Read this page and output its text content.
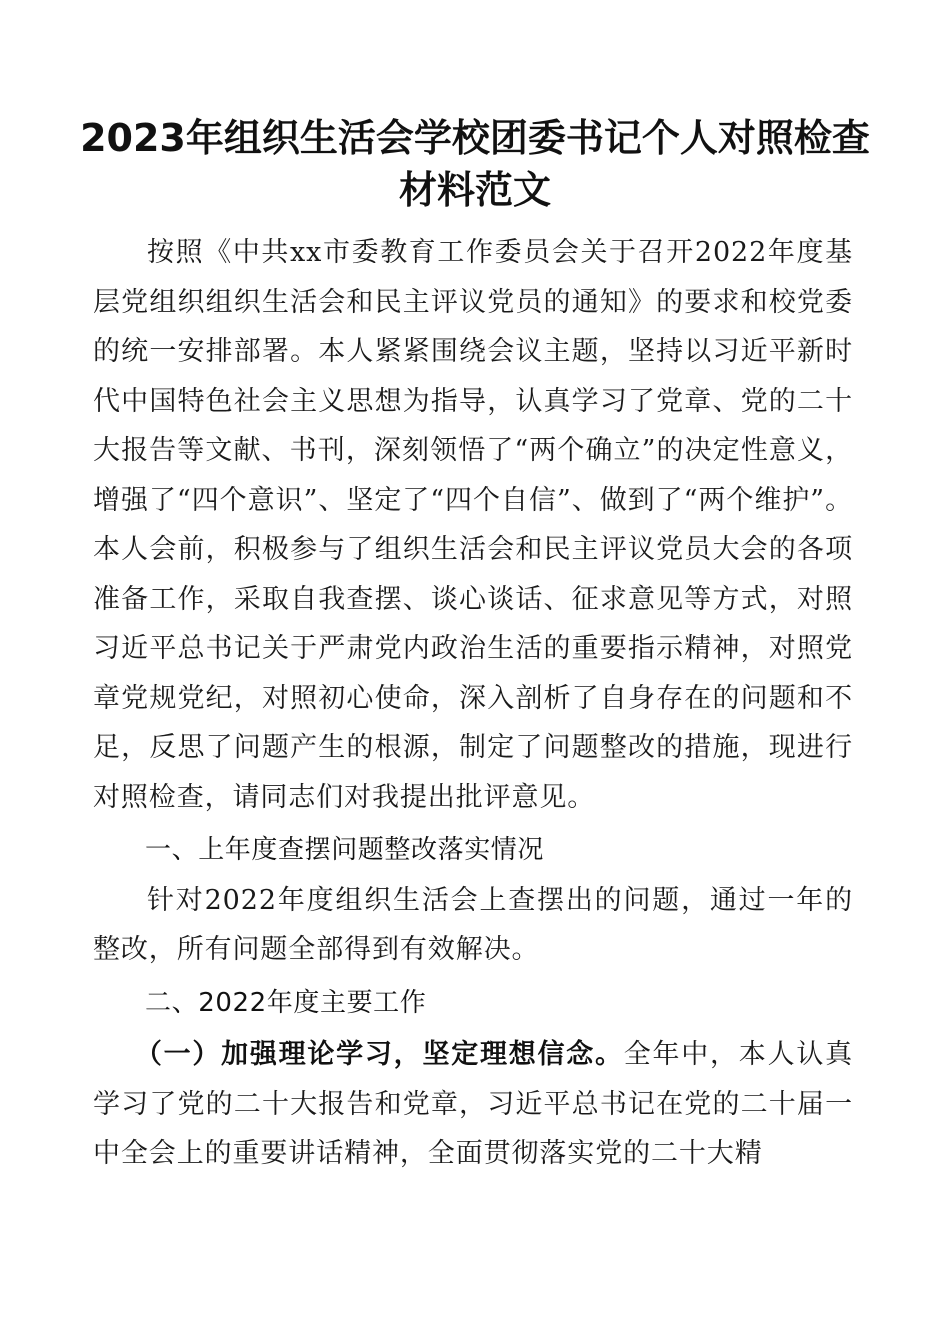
2023年组织生活会学校团委书记个人对照检查材料范文

按照《中共xx市委教育工作委员会关于召开2022年度基层党组织组织生活会和民主评议党员的通知》的要求和校党委的统一安排部署。本人紧紧围绕会议主题，坚持以习近平新时代中国特色社会主义思想为指导，认真学习了党章、党的二十大报告等文献、书刊，深刻领悟了“两个确立”的决定性意义，增强了“四个意识”、坚定了“四个自信”、做到了“两个维护”。本人会前，积极参与了组织生活会和民主评议党员大会的各项准备工作，采取自我查摆、谈心谈话、征求意见等方式，对照习近平总书记关于严肃党内政治生活的重要指示精神，对照党章党规党纪，对照初心使命，深入剖析了自身存在的问题和不足，反思了问题产生的根源，制定了问题整改的措施，现进行对照检查，请同志们对我提出批评意见。

一、上年度查摆问题整改落实情况

针对2022年度组织生活会上查摆出的问题，通过一年的整改，所有问题全部得到有效解决。

二、2022年度主要工作

（一）加强理论学习，坚定理想信念。全年中，本人认真学习了党的二十大报告和党章，习近平总书记在党的二十届一中全会上的重要讲话精神，全面贯彻落实党的二十大精
